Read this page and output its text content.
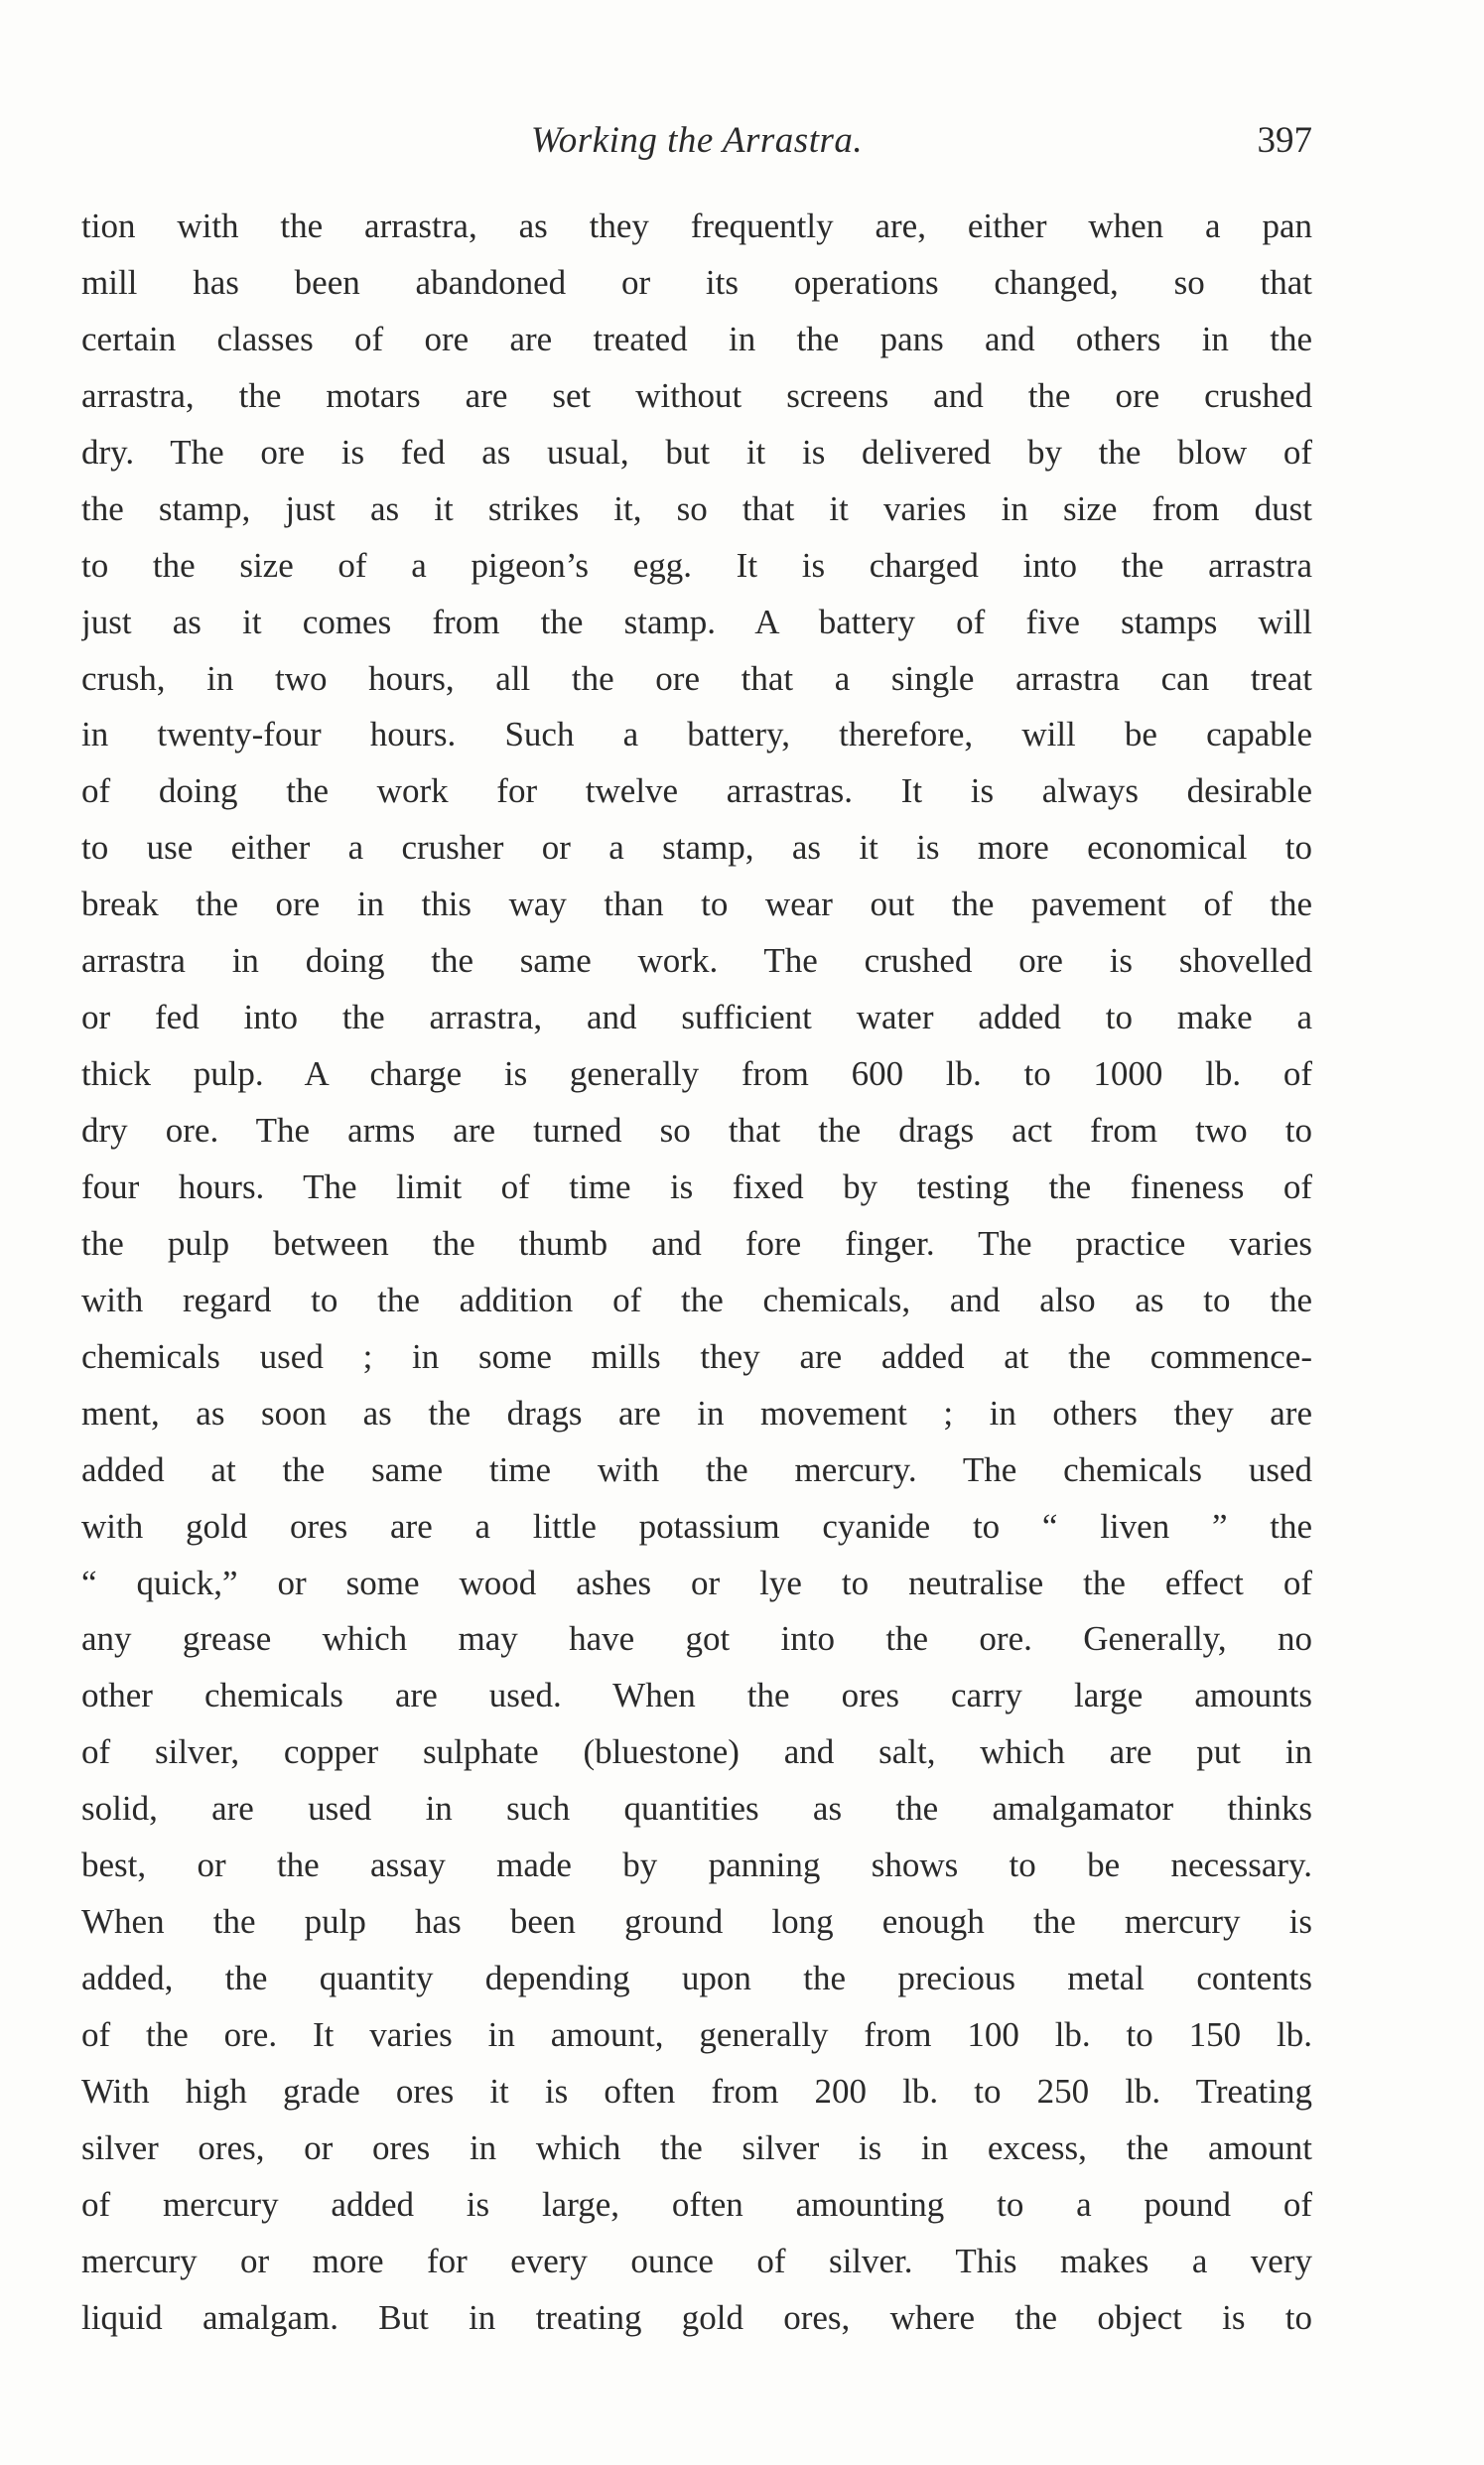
Working the Arrastra.	397
tion with the arrastra, as they frequently are, either when a pan
mill has been abandoned or its operations changed, so that
certain classes of ore are treated in the pans and others in the
arrastra, the motars are set without screens and the ore crushed
dry. The ore is fed as usual, but it is delivered by the blow of
the stamp, just as it strikes it, so that it varies in size from dust
to the size of a pigeon’s egg. It is charged into the arrastra
just as it comes from the stamp. A battery of five stamps will
crush, in two hours, all the ore that a single arrastra can treat
in twenty-four hours. Such a battery, therefore, will be capable
of doing the work for twelve arrastras. It is always desirable
to use either a crusher or a stamp, as it is more economical to
break the ore in this way than to wear out the pavement of the
arrastra in doing the same work. The crushed ore is shovelled
or fed into the arrastra, and sufficient water added to make a
thick pulp. A charge is generally from 600 lb. to 1000 lb. of
dry ore. The arms are turned so that the drags act from two to
four hours. The limit of time is fixed by testing the fineness of
the pulp between the thumb and fore finger. The practice varies
with regard to the addition of the chemicals, and also as to the
chemicals used ; in some mills they are added at the commence-
ment, as soon as the drags are in movement ; in others they are
added at the same time with the mercury. The chemicals used
with gold ores are a little potassium cyanide to “ liven ” the
“ quick,” or some wood ashes or lye to neutralise the effect of
any grease which may have got into the ore. Generally, no
other chemicals are used. When the ores carry large amounts
of silver, copper sulphate (bluestone) and salt, which are put in
solid, are used in such quantities as the amalgamator thinks
best, or the assay made by panning shows to be necessary.
When the pulp has been ground long enough the mercury is
added, the quantity depending upon the precious metal contents
of the ore. It varies in amount, generally from 100 lb. to 150 lb.
With high grade ores it is often from 200 lb. to 250 lb. Treating
silver ores, or ores in which the silver is in excess, the amount
of mercury added is large, often amounting to a pound of
mercury or more for every ounce of silver. This makes a very
liquid amalgam. But in treating gold ores, where the object is to
